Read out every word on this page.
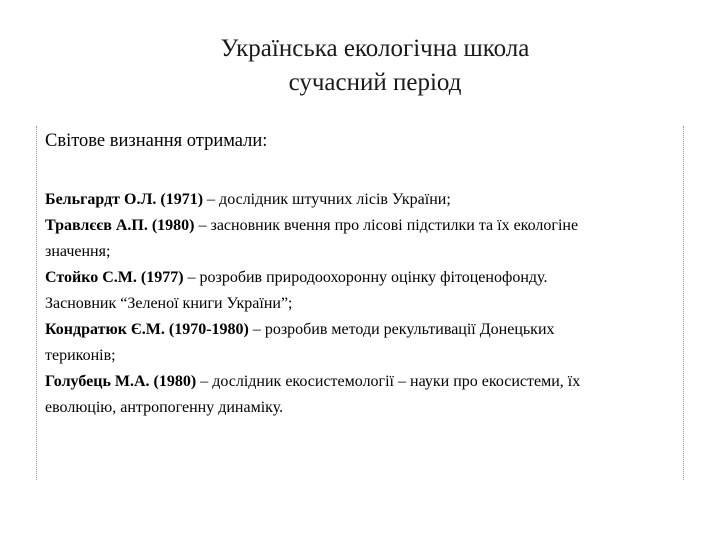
Українська екологічна школа
сучасний період
Світове визнання отримали:
Бельгардт О.Л. (1971) – дослідник штучних лісів України;
Травлєєв А.П. (1980) – засновник вчення про лісові підстилки та їх екологіне значення;
Стойко С.М. (1977) – розробив природоохоронну оцінку фітоценофонду. Засновник “Зеленої книги України”;
Кондратюк Є.М. (1970-1980) – розробив методи рекультивації Донецьких териконів;
Голубець М.А. (1980) – дослідник екосистемології – науки про екосистеми, їх еволюцію, антропогенну динаміку.
